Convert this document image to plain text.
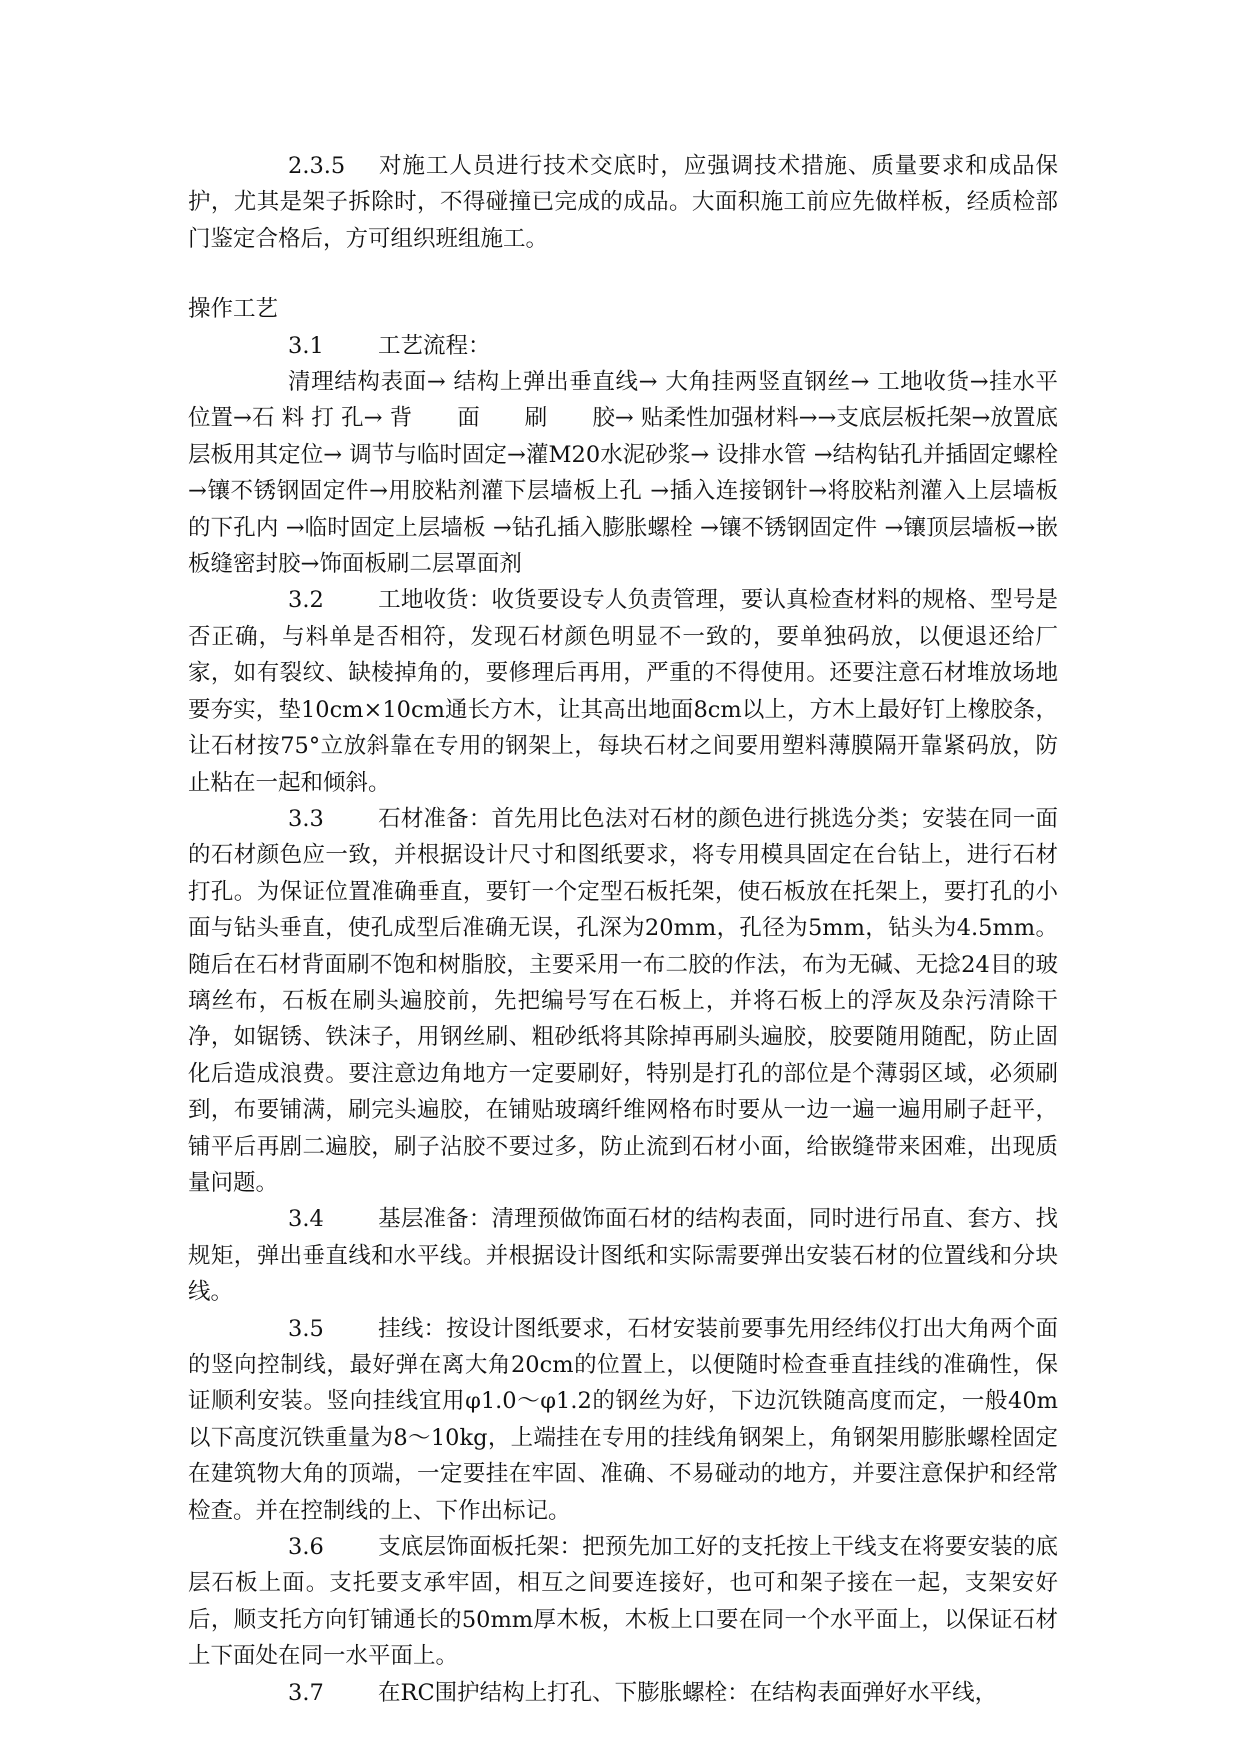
2.3.5 对施工人员进行技术交底时，应强调技术措施、质量要求和成品保护，尤其是架子拆除时，不得碰撞已完成的成品。大面积施工前应先做样板，经质检部门鉴定合格后，方可组织班组施工。

操作工艺

3.1 工艺流程：

清理结构表面→ 结构上弹出垂直线→ 大角挂两竖直钢丝→ 工地收货→挂水平位置→石 料 打 孔→ 背　　面　　刷　　胶→ 贴柔性加强材料→→支底层板托架→放置底层板用其定位→ 调节与临时固定→灌M20水泥砂浆→ 设排水管 →结构钻孔并插固定螺栓→镶不锈钢固定件→用胶粘剂灌下层墙板上孔 →插入连接钢针→将胶粘剂灌入上层墙板的下孔内 →临时固定上层墙板 →钻孔插入膨胀螺栓 →镶不锈钢固定件 →镶顶层墙板→嵌板缝密封胶→饰面板刷二层罩面剂

3.2 工地收货：收货要设专人负责管理，要认真检查材料的规格、型号是否正确，与料单是否相符，发现石材颜色明显不一致的，要单独码放，以便退还给厂家，如有裂纹、缺棱掉角的，要修理后再用，严重的不得使用。还要注意石材堆放场地要夯实，垫10cm×10cm通长方木，让其高出地面8cm以上，方木上最好钉上橡胶条，让石材按75°立放斜靠在专用的钢架上，每块石材之间要用塑料薄膜隔开靠紧码放，防止粘在一起和倾斜。

3.3 石材准备：首先用比色法对石材的颜色进行挑选分类；安装在同一面的石材颜色应一致，并根据设计尺寸和图纸要求，将专用模具固定在台钻上，进行石材打孔。为保证位置准确垂直，要钉一个定型石板托架，使石板放在托架上，要打孔的小面与钻头垂直，使孔成型后准确无误，孔深为20mm，孔径为5mm，钻头为4.5mm。随后在石材背面刷不饱和树脂胶，主要采用一布二胶的作法，布为无碱、无捻24目的玻璃丝布，石板在刷头遍胶前，先把编号写在石板上，并将石板上的浮灰及杂污清除干净，如锯锈、铁沫子，用钢丝刷、粗砂纸将其除掉再刷头遍胶，胶要随用随配，防止固化后造成浪费。要注意边角地方一定要刷好，特别是打孔的部位是个薄弱区域，必须刷到，布要铺满，刷完头遍胶，在铺贴玻璃纤维网格布时要从一边一遍一遍用刷子赶平，铺平后再剧二遍胶，刷子沾胶不要过多，防止流到石材小面，给嵌缝带来困难，出现质量问题。

3.4 基层准备：清理预做饰面石材的结构表面，同时进行吊直、套方、找规矩，弹出垂直线和水平线。并根据设计图纸和实际需要弹出安装石材的位置线和分块线。

3.5 挂线：按设计图纸要求，石材安装前要事先用经纬仪打出大角两个面的竖向控制线，最好弹在离大角20cm的位置上，以便随时检查垂直挂线的准确性，保证顺利安装。竖向挂线宜用φ1.0～φ1.2的钢丝为好，下边沉铁随高度而定，一般40m以下高度沉铁重量为8～10kg，上端挂在专用的挂线角钢架上，角钢架用膨胀螺栓固定在建筑物大角的顶端，一定要挂在牢固、准确、不易碰动的地方，并要注意保护和经常检查。并在控制线的上、下作出标记。

3.6 支底层饰面板托架：把预先加工好的支托按上干线支在将要安装的底层石板上面。支托要支承牢固，相互之间要连接好，也可和架子接在一起，支架安好后，顺支托方向钉铺通长的50mm厚木板，木板上口要在同一个水平面上，以保证石材上下面处在同一水平面上。

3.7 在RC围护结构上打孔、下膨胀螺栓：在结构表面弹好水平线，
